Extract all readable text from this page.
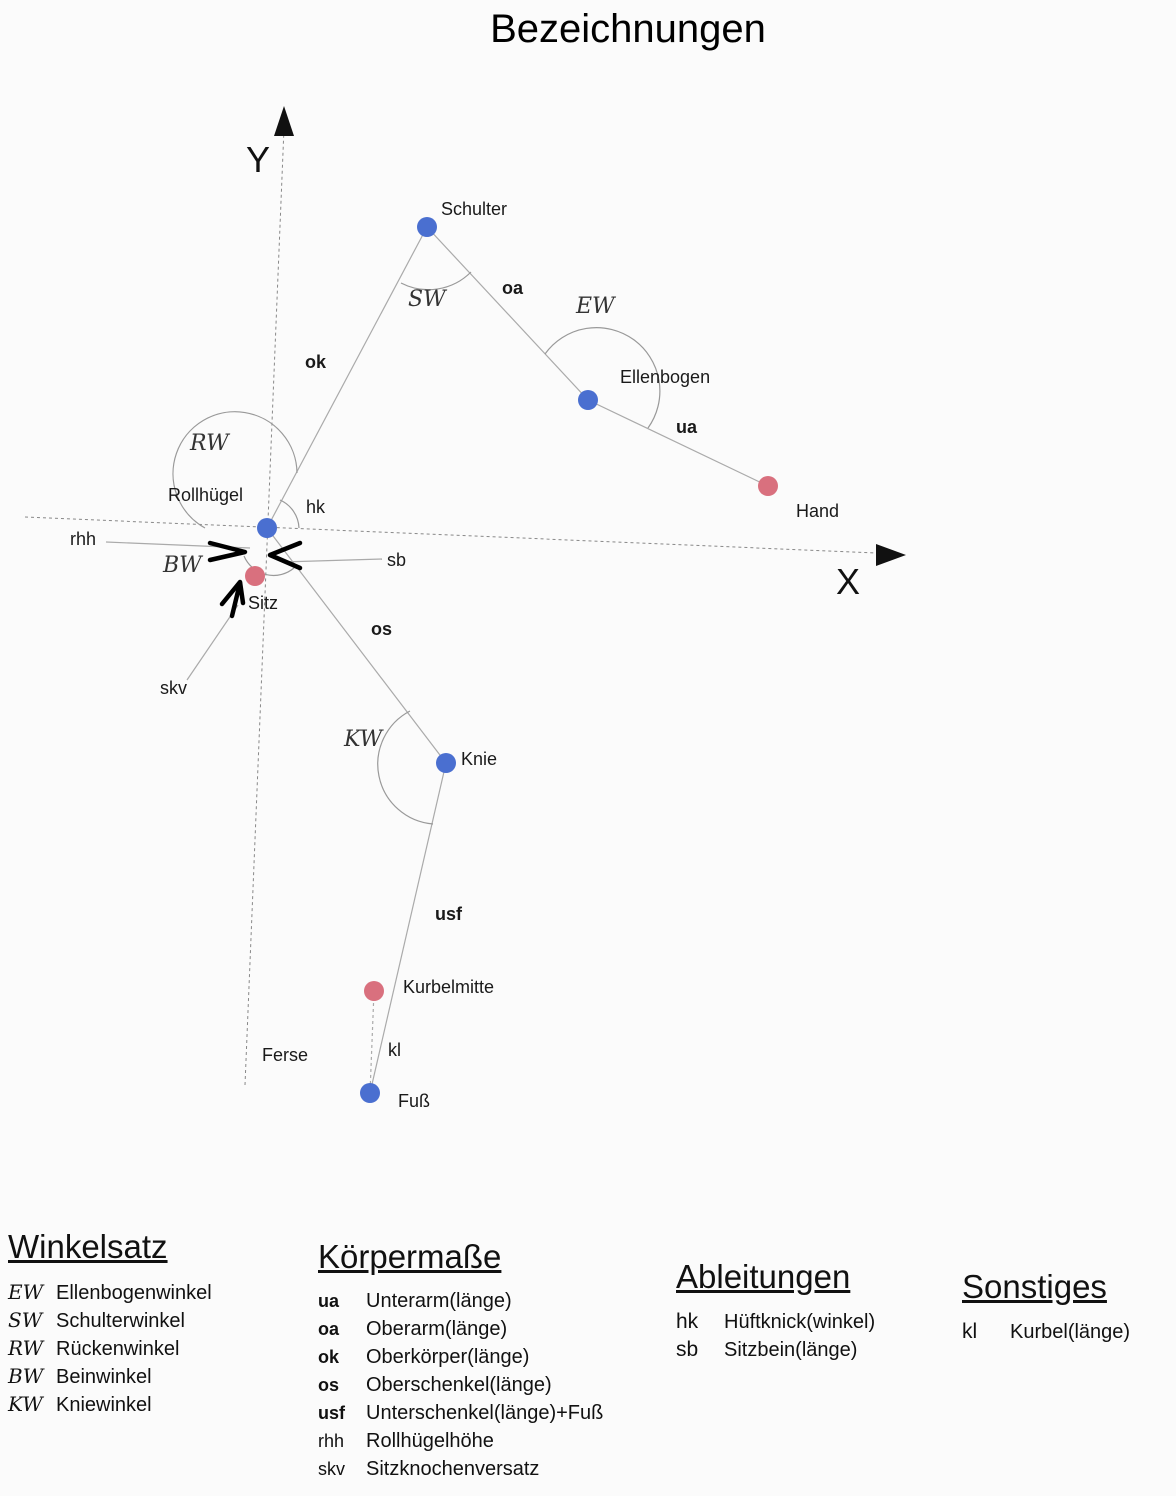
Bezeichnungen
Y
X
Schulter
Ellenbogen
Hand
Rollhügel
Sitz
Knie
Kurbelmitte
Fuß
Ferse
ok
oa
ua
os
usf
kl
hk
sb
rhh
skv
SW	EW
RW
BW
KW
Winkelsatz
EW Ellenbogenwinkel
SW Schulterwinkel
RW Rückenwinkel
BW Beinwinkel
KW Kniewinkel
Körpermaße
ua	Unterarm(länge)
oa	Oberarm(länge)
ok	Oberkörper(länge)
os	Oberschenkel(länge)
usf	Unterschenkel(länge)+Fuß
rhh	Rollhügelhöhe
skv	Sitzknochenversatz
Ableitungen
hk	Hüftknick(winkel)
sb	Sitzbein(länge)
Sonstiges
kl	Kurbel(länge)
